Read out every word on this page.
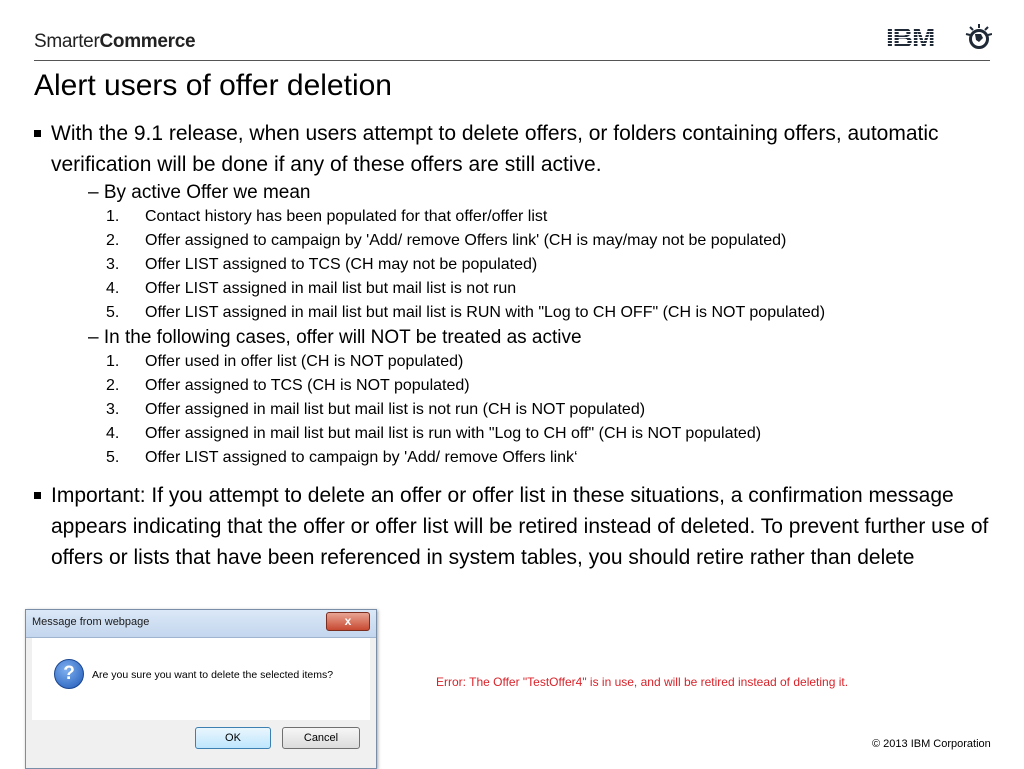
SmarterCommerce	IBM
Alert users of offer deletion
With the 9.1 release, when users attempt to delete offers, or folders containing offers, automatic verification will be done if any of these offers are still active.
– By active Offer we mean
1. Contact history has been populated for that offer/offer list
2. Offer assigned to campaign by 'Add/ remove Offers link' (CH is may/may not be populated)
3. Offer LIST assigned to TCS (CH may not be populated)
4. Offer LIST assigned in mail list but mail list is not run
5. Offer LIST assigned in mail list but mail list is RUN with "Log to CH OFF" (CH is NOT populated)
– In the following cases, offer will NOT be treated as active
1. Offer used in offer list (CH is NOT populated)
2. Offer assigned to TCS (CH is NOT populated)
3. Offer assigned in mail list but mail list is not run (CH is NOT populated)
4. Offer assigned in mail list but mail list is run with "Log to CH off" (CH is NOT populated)
5. Offer LIST assigned to campaign by 'Add/ remove Offers link‘
Important: If you attempt to delete an offer or offer list in these situations, a confirmation message appears indicating that the offer or offer list will be retired instead of deleted. To prevent further use of offers or lists that have been referenced in system tables, you should retire rather than delete
Message from webpage	x
?	Are you sure you want to delete the selected items?
OK	Cancel
Error: The Offer "TestOffer4" is in use, and will be retired instead of deleting it.
© 2013 IBM Corporation
